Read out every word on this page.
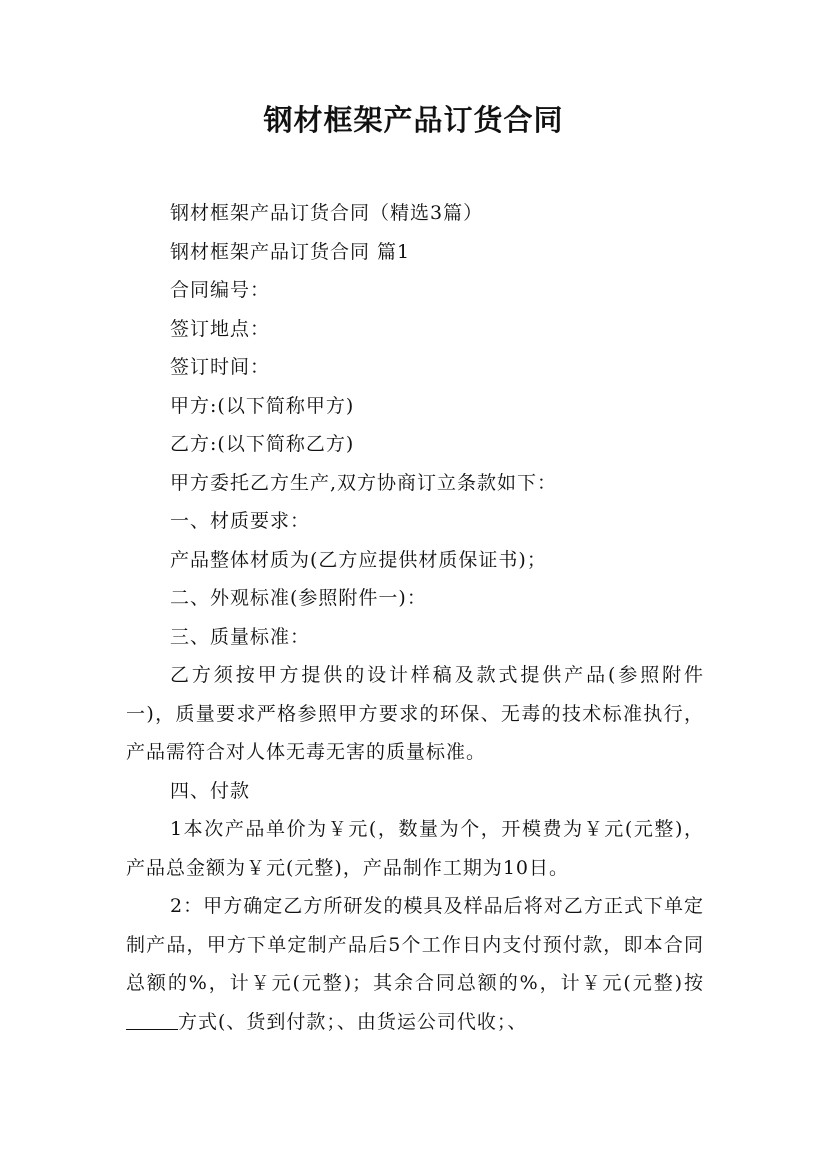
钢材框架产品订货合同
钢材框架产品订货合同（精选3篇）
钢材框架产品订货合同 篇1
合同编号：
签订地点：
签订时间：
甲方:(以下简称甲方)
乙方:(以下简称乙方)
甲方委托乙方生产,双方协商订立条款如下：
一、材质要求：
产品整体材质为(乙方应提供材质保证书)；
二、外观标准(参照附件一)：
三、质量标准：
乙方须按甲方提供的设计样稿及款式提供产品(参照附件一)，质量要求严格参照甲方要求的环保、无毒的技术标准执行，产品需符合对人体无毒无害的质量标准。
四、付款
1本次产品单价为￥元(，数量为个，开模费为￥元(元整)，产品总金额为￥元(元整)，产品制作工期为10日。
2：甲方确定乙方所研发的模具及样品后将对乙方正式下单定制产品，甲方下单定制产品后5个工作日内支付预付款，即本合同总额的%，计￥元(元整)；其余合同总额的%，计￥元(元整)按方式(、货到付款；、由货运公司代收；、
